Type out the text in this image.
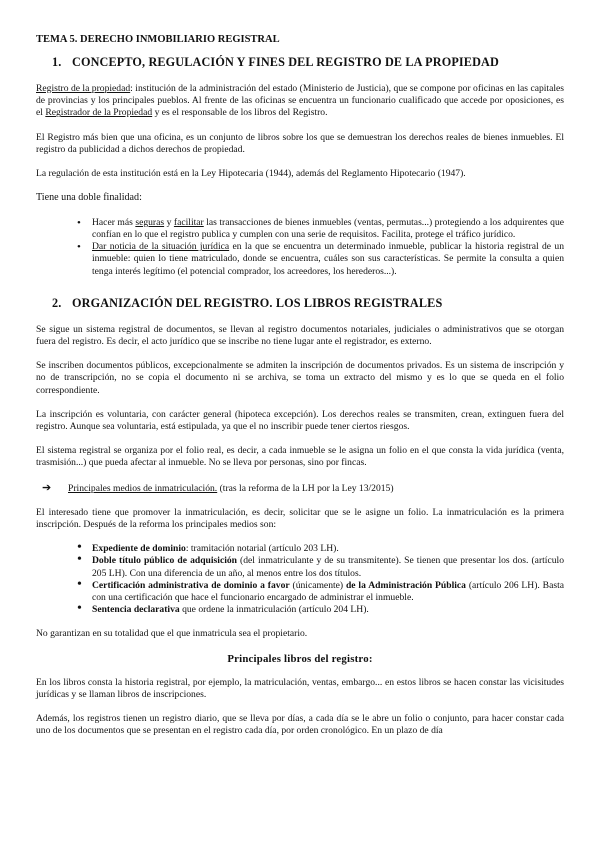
TEMA 5. DERECHO INMOBILIARIO REGISTRAL
1. CONCEPTO, REGULACIÓN Y FINES DEL REGISTRO DE LA PROPIEDAD

Registro de la propiedad: institución de la administración del estado (Ministerio de Justicia), que se compone por oficinas en las capitales de provincias y los principales pueblos. Al frente de las oficinas se encuentra un funcionario cualificado que accede por oposiciones, es el Registrador de la Propiedad y es el responsable de los libros del Registro.

El Registro más bien que una oficina, es un conjunto de libros sobre los que se demuestran los derechos reales de bienes inmuebles. El registro da publicidad a dichos derechos de propiedad.

La regulación de esta institución está en la Ley Hipotecaria (1944), además del Reglamento Hipotecario (1947).

Tiene una doble finalidad:

• Hacer más seguras y facilitar las transacciones de bienes inmuebles (ventas, permutas...) protegiendo a los adquirentes que confían en lo que el registro publica y cumplen con una serie de requisitos. Facilita, protege el tráfico jurídico.
• Dar noticia de la situación jurídica en la que se encuentra un determinado inmueble, publicar la historia registral de un inmueble: quien lo tiene matriculado, donde se encuentra, cuáles son sus características. Se permite la consulta a quien tenga interés legítimo (el potencial comprador, los acreedores, los herederos...).
2. ORGANIZACIÓN DEL REGISTRO. LOS LIBROS REGISTRALES

Se sigue un sistema registral de documentos, se llevan al registro documentos notariales, judiciales o administrativos que se otorgan fuera del registro. Es decir, el acto jurídico que se inscribe no tiene lugar ante el registrador, es externo.

Se inscriben documentos públicos, excepcionalmente se admiten la inscripción de documentos privados. Es un sistema de inscripción y no de transcripción, no se copia el documento ni se archiva, se toma un extracto del mismo y es lo que se queda en el folio correspondiente.

La inscripción es voluntaria, con carácter general (hipoteca excepción). Los derechos reales se transmiten, crean, extinguen fuera del registro. Aunque sea voluntaria, está estipulada, ya que el no inscribir puede tener ciertos riesgos.

El sistema registral se organiza por el folio real, es decir, a cada inmueble se le asigna un folio en el que consta la vida jurídica (venta, trasmisión...) que pueda afectar al inmueble. No se lleva por personas, sino por fincas.

➔ Principales medios de inmatriculación. (tras la reforma de la LH por la Ley 13/2015)

El interesado tiene que promover la inmatriculación, es decir, solicitar que se le asigne un folio. La inmatriculación es la primera inscripción. Después de la reforma los principales medios son:

• Expediente de dominio: tramitación notarial (artículo 203 LH).
• Doble título público de adquisición (del inmatriculante y de su transmitente). Se tienen que presentar los dos. (artículo 205 LH). Con una diferencia de un año, al menos entre los dos títulos.
• Certificación administrativa de dominio a favor (únicamente) de la Administración Pública (artículo 206 LH). Basta con una certificación que hace el funcionario encargado de administrar el inmueble.
• Sentencia declarativa que ordene la inmatriculación (artículo 204 LH).

No garantizan en su totalidad que el que inmatricula sea el propietario.

Principales libros del registro:

En los libros consta la historia registral, por ejemplo, la matriculación, ventas, embargo... en estos libros se hacen constar las vicisitudes jurídicas y se llaman libros de inscripciones.

Además, los registros tienen un registro diario, que se lleva por días, a cada día se le abre un folio o conjunto, para hacer constar cada uno de los documentos que se presentan en el registro cada día, por orden cronológico. En un plazo de día
